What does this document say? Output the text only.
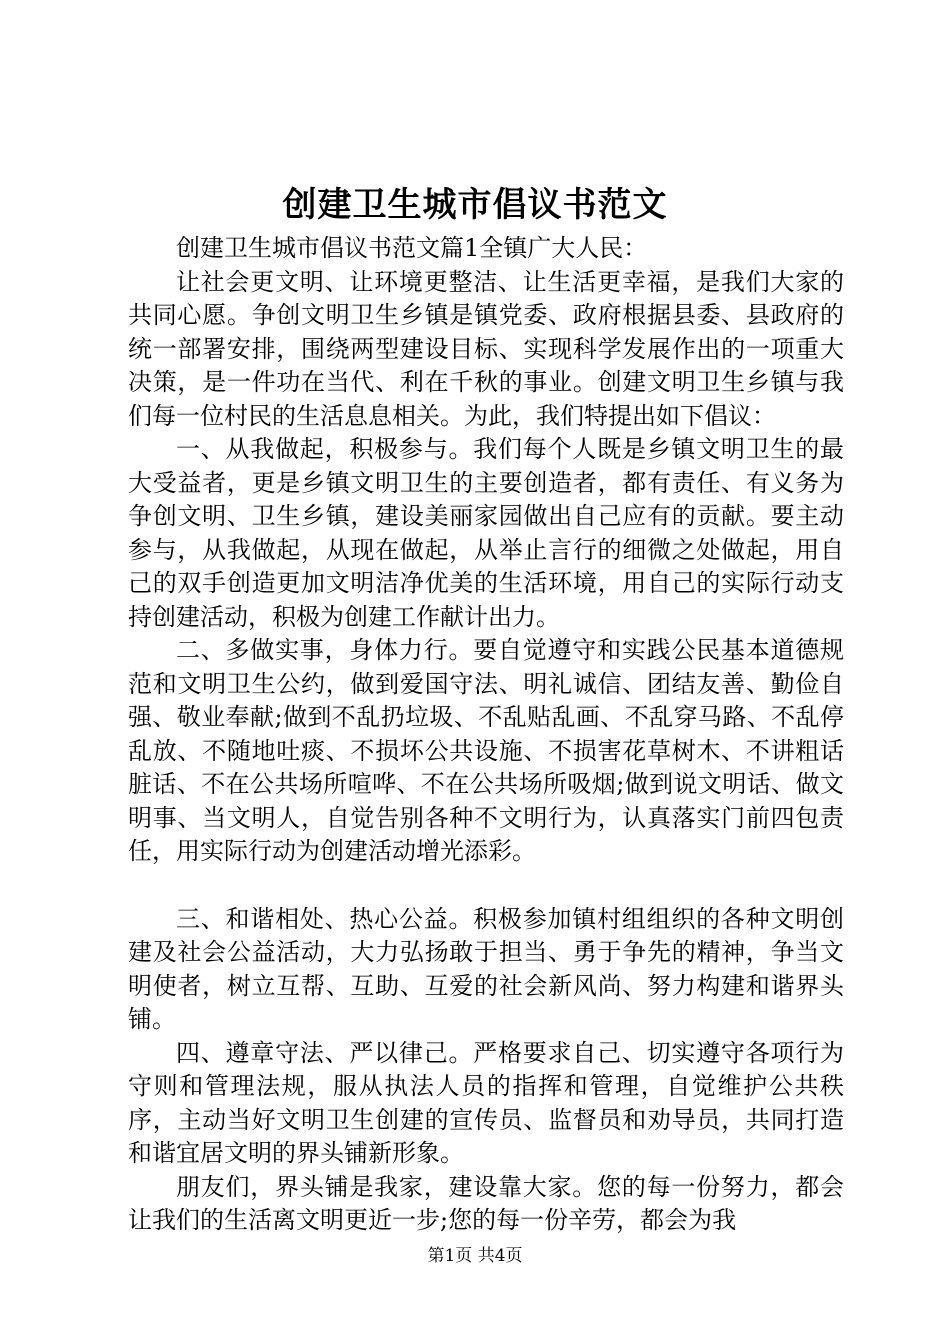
创建卫生城市倡议书范文

创建卫生城市倡议书范文篇1全镇广大人民：

让社会更文明、让环境更整洁、让生活更幸福，是我们大家的共同心愿。争创文明卫生乡镇是镇党委、政府根据县委、县政府的统一部署安排，围绕两型建设目标、实现科学发展作出的一项重大决策，是一件功在当代、利在千秋的事业。创建文明卫生乡镇与我们每一位村民的生活息息相关。为此，我们特提出如下倡议：

一、从我做起，积极参与。我们每个人既是乡镇文明卫生的最大受益者，更是乡镇文明卫生的主要创造者，都有责任、有义务为争创文明、卫生乡镇，建设美丽家园做出自己应有的贡献。要主动参与，从我做起，从现在做起，从举止言行的细微之处做起，用自己的双手创造更加文明洁净优美的生活环境，用自己的实际行动支持创建活动，积极为创建工作献计出力。

二、多做实事，身体力行。要自觉遵守和实践公民基本道德规范和文明卫生公约，做到爱国守法、明礼诚信、团结友善、勤俭自强、敬业奉献;做到不乱扔垃圾、不乱贴乱画、不乱穿马路、不乱停乱放、不随地吐痰、不损坏公共设施、不损害花草树木、不讲粗话脏话、不在公共场所喧哗、不在公共场所吸烟;做到说文明话、做文明事、当文明人，自觉告别各种不文明行为，认真落实门前四包责任，用实际行动为创建活动增光添彩。

三、和谐相处、热心公益。积极参加镇村组组织的各种文明创建及社会公益活动，大力弘扬敢于担当、勇于争先的精神，争当文明使者，树立互帮、互助、互爱的社会新风尚、努力构建和谐界头铺。

四、遵章守法、严以律己。严格要求自己、切实遵守各项行为守则和管理法规，服从执法人员的指挥和管理，自觉维护公共秩序，主动当好文明卫生创建的宣传员、监督员和劝导员，共同打造和谐宜居文明的界头铺新形象。

朋友们，界头铺是我家，建设靠大家。您的每一份努力，都会让我们的生活离文明更近一步;您的每一份辛劳，都会为我

第1页 共4页
